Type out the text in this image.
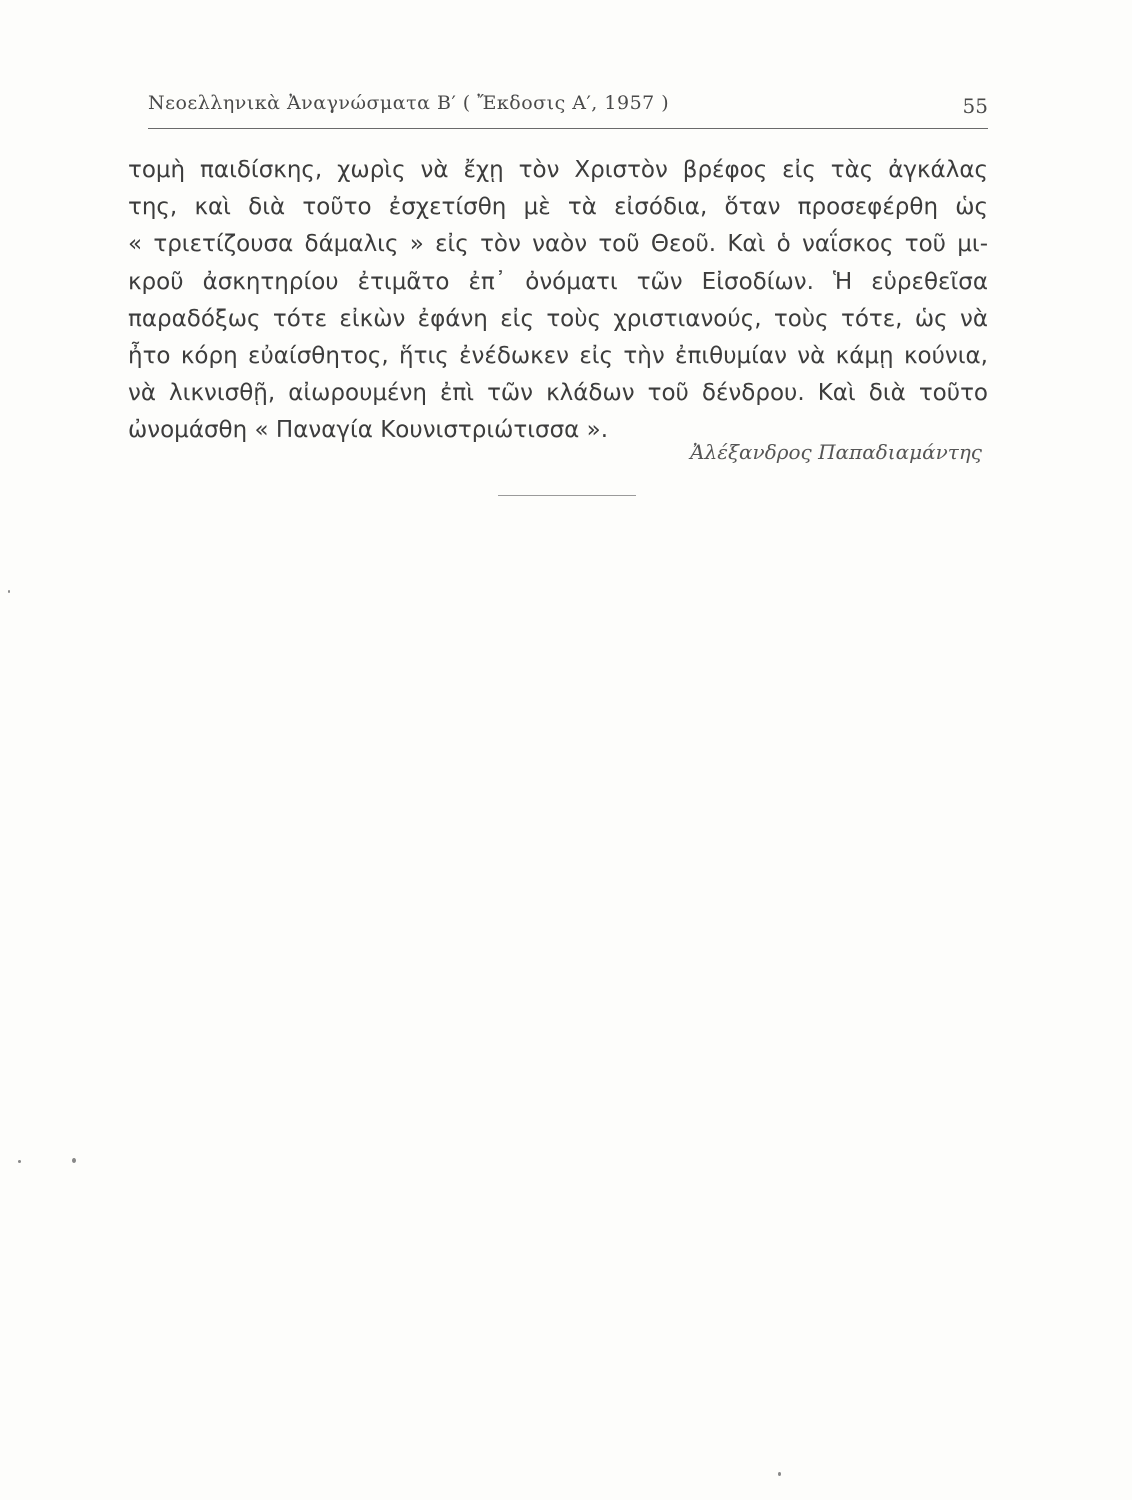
Νεοελληνικὰ Ἀναγνώσματα Β′ ( Ἔκδοσις Α′, 1957 )	55
τομὴ παιδίσκης, χωρὶς νὰ ἔχῃ τὸν Χριστὸν βρέφος εἰς τὰς ἀγκάλας
της, καὶ διὰ τοῦτο ἐσχετίσθη μὲ τὰ εἰσόδια, ὅταν προσεφέρθη ὡς
« τριετίζουσα δάμαλις » εἰς τὸν ναὸν τοῦ Θεοῦ. Καὶ ὁ ναΐσκος τοῦ μι-
κροῦ ἀσκητηρίου ἐτιμᾶτο ἐπ᾽ ὀνόματι τῶν Εἰσοδίων. Ἡ εὑρεθεῖσα
παραδόξως τότε εἰκὼν ἐφάνη εἰς τοὺς χριστιανούς, τοὺς τότε, ὡς νὰ
ἦτο κόρη εὐαίσθητος, ἥτις ἐνέδωκεν εἰς τὴν ἐπιθυμίαν νὰ κάμῃ κούνια,
νὰ λικνισθῇ, αἰωρουμένη ἐπὶ τῶν κλάδων τοῦ δένδρου. Καὶ διὰ τοῦτο
ὠνομάσθη « Παναγία Κουνιστριώτισσα ».
Ἀλέξανδρος Παπαδιαμάντης
